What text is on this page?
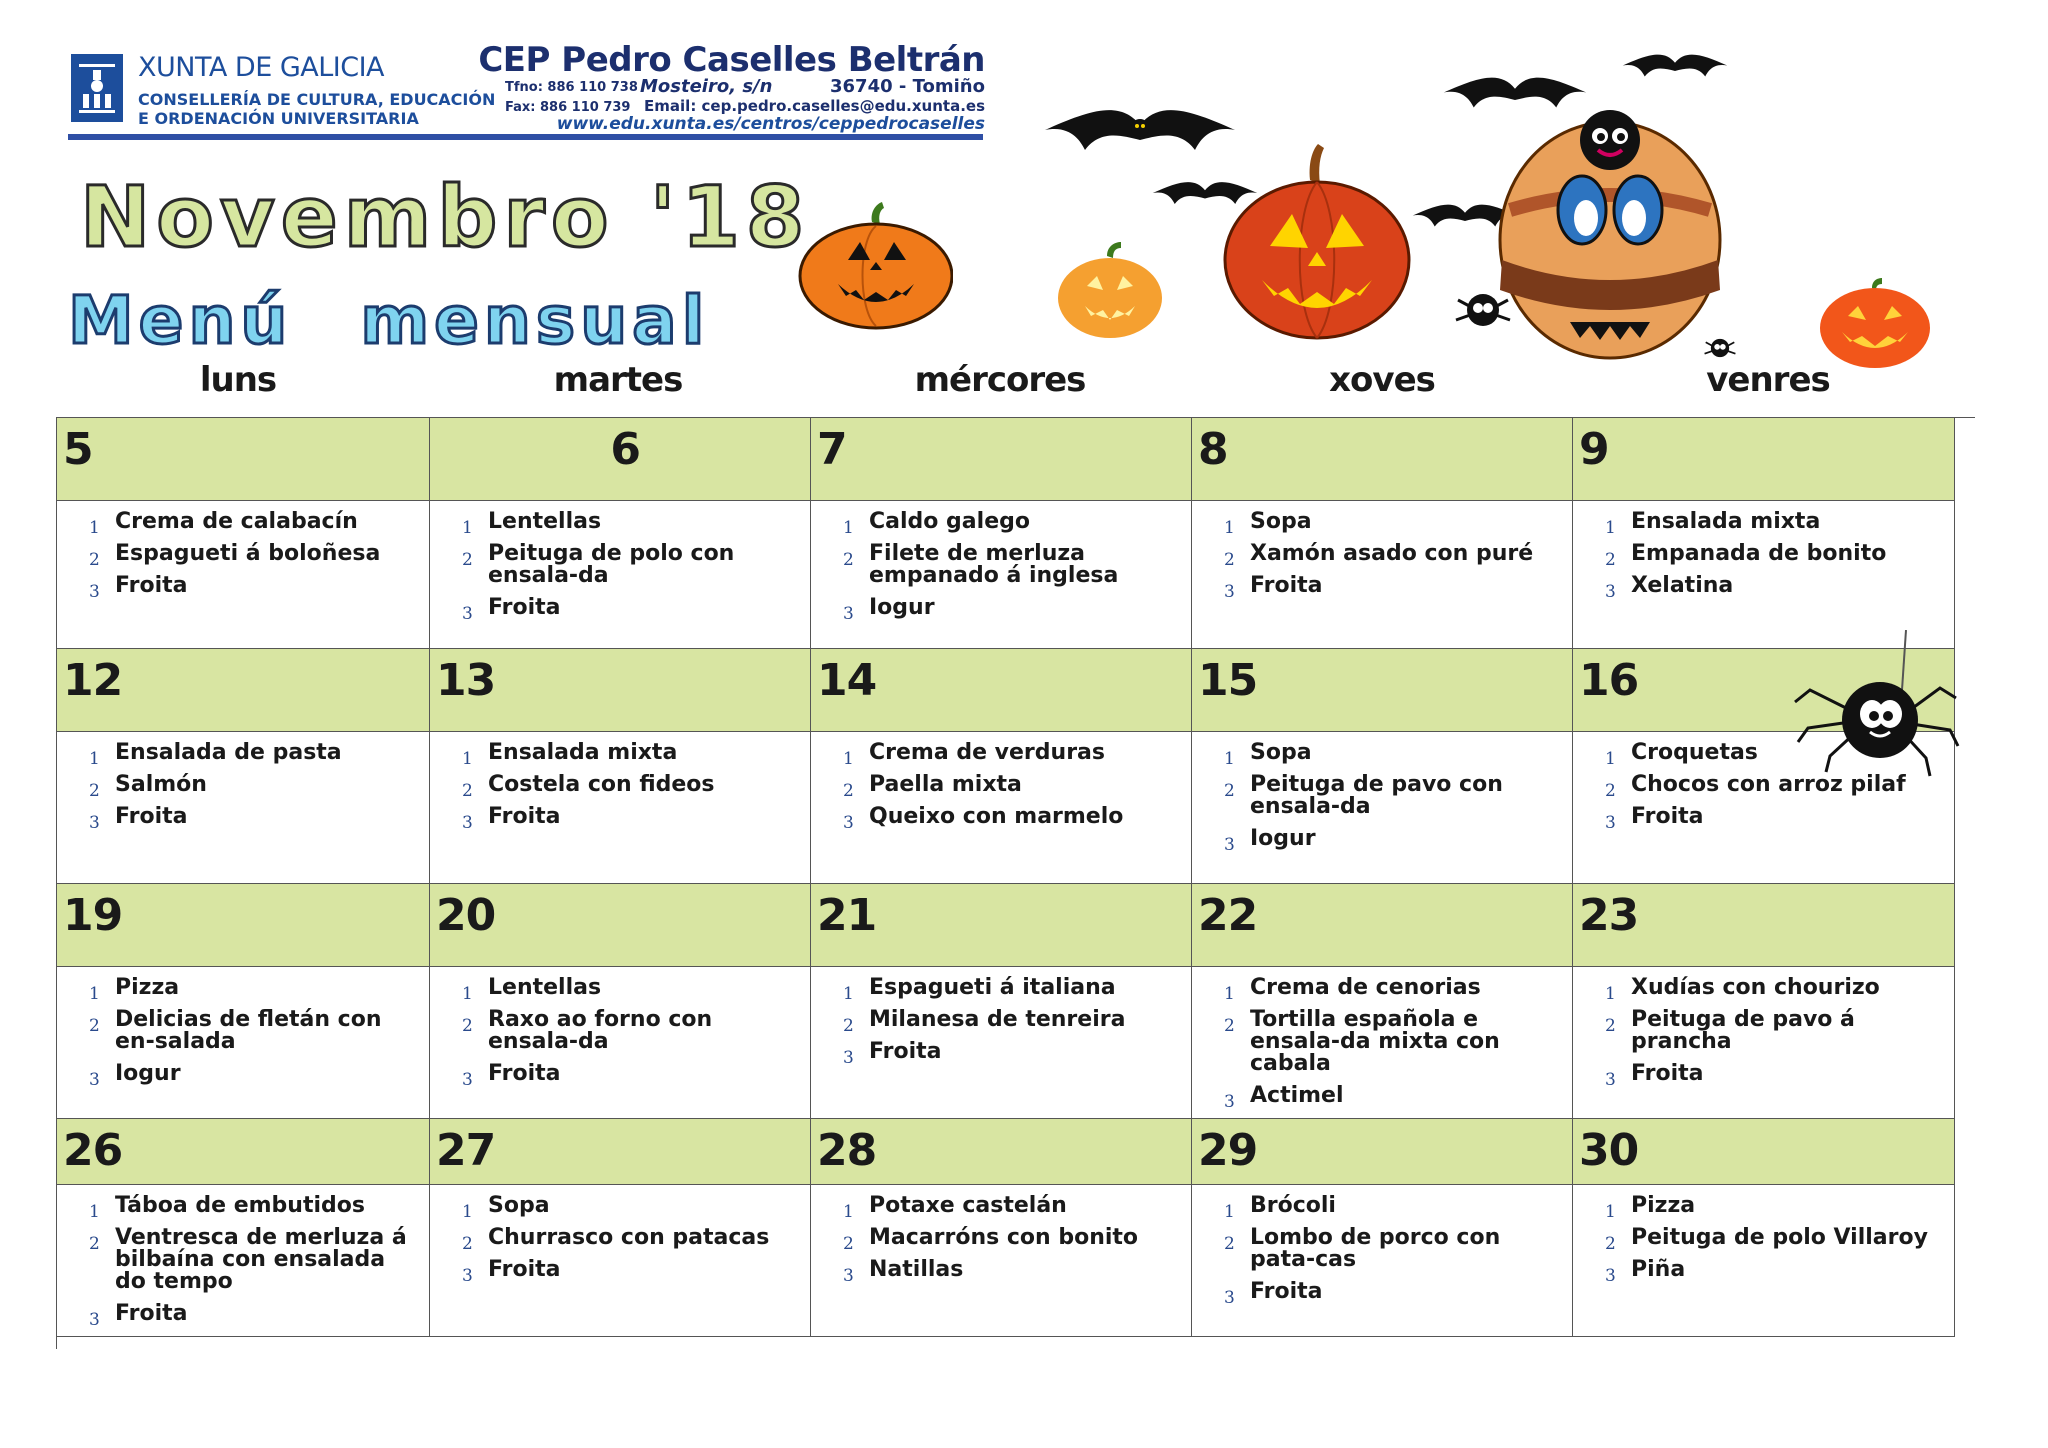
XUNTA DE GALICIA
CONSELLERÍA DE CULTURA, EDUCACIÓN
E ORDENACIÓN UNIVERSITARIA
CEP Pedro Caselles Beltrán
Tfno: 886 110 738
Fax: 886 110 739
Mosteiro, s/n	36740 - Tomiño
Email: cep.pedro.caselles@edu.xunta.es
www.edu.xunta.es/centros/ceppedrocaselles
Novembro '18
Menú mensual
luns	martes	mércores	xoves	venres
5
1 Crema de calabacín
2 Espagueti á boloñesa
3 Froita
6
1 Lentellas
2 Peituga de polo con ensala-da
3 Froita
7
1 Caldo galego
2 Filete de merluza empanado á inglesa
3 Iogur
8
1 Sopa
2 Xamón asado con puré
3 Froita
9
1 Ensalada mixta
2 Empanada de bonito
3 Xelatina
12
1 Ensalada de pasta
2 Salmón
3 Froita
13
1 Ensalada mixta
2 Costela con fideos
3 Froita
14
1 Crema de verduras
2 Paella mixta
3 Queixo con marmelo
15
1 Sopa
2 Peituga de pavo con ensala-da
3 Iogur
16
1 Croquetas
2 Chocos con arroz pilaf
3 Froita
19
1 Pizza
2 Delicias de fletán con en-salada
3 Iogur
20
1 Lentellas
2 Raxo ao forno con ensala-da
3 Froita
21
1 Espagueti á italiana
2 Milanesa de tenreira
3 Froita
22
1 Crema de cenorias
2 Tortilla española e ensala-da mixta con cabala
3 Actimel
23
1 Xudías con chourizo
2 Peituga de pavo á prancha
3 Froita
26
1 Táboa de embutidos
2 Ventresca de merluza á bilbaína con ensalada do tempo
3 Froita
27
1 Sopa
2 Churrasco con patacas
3 Froita
28
1 Potaxe castelán
2 Macarróns con bonito
3 Natillas
29
1 Brócoli
2 Lombo de porco con pata-cas
3 Froita
30
1 Pizza
2 Peituga de polo Villaroy
3 Piña
